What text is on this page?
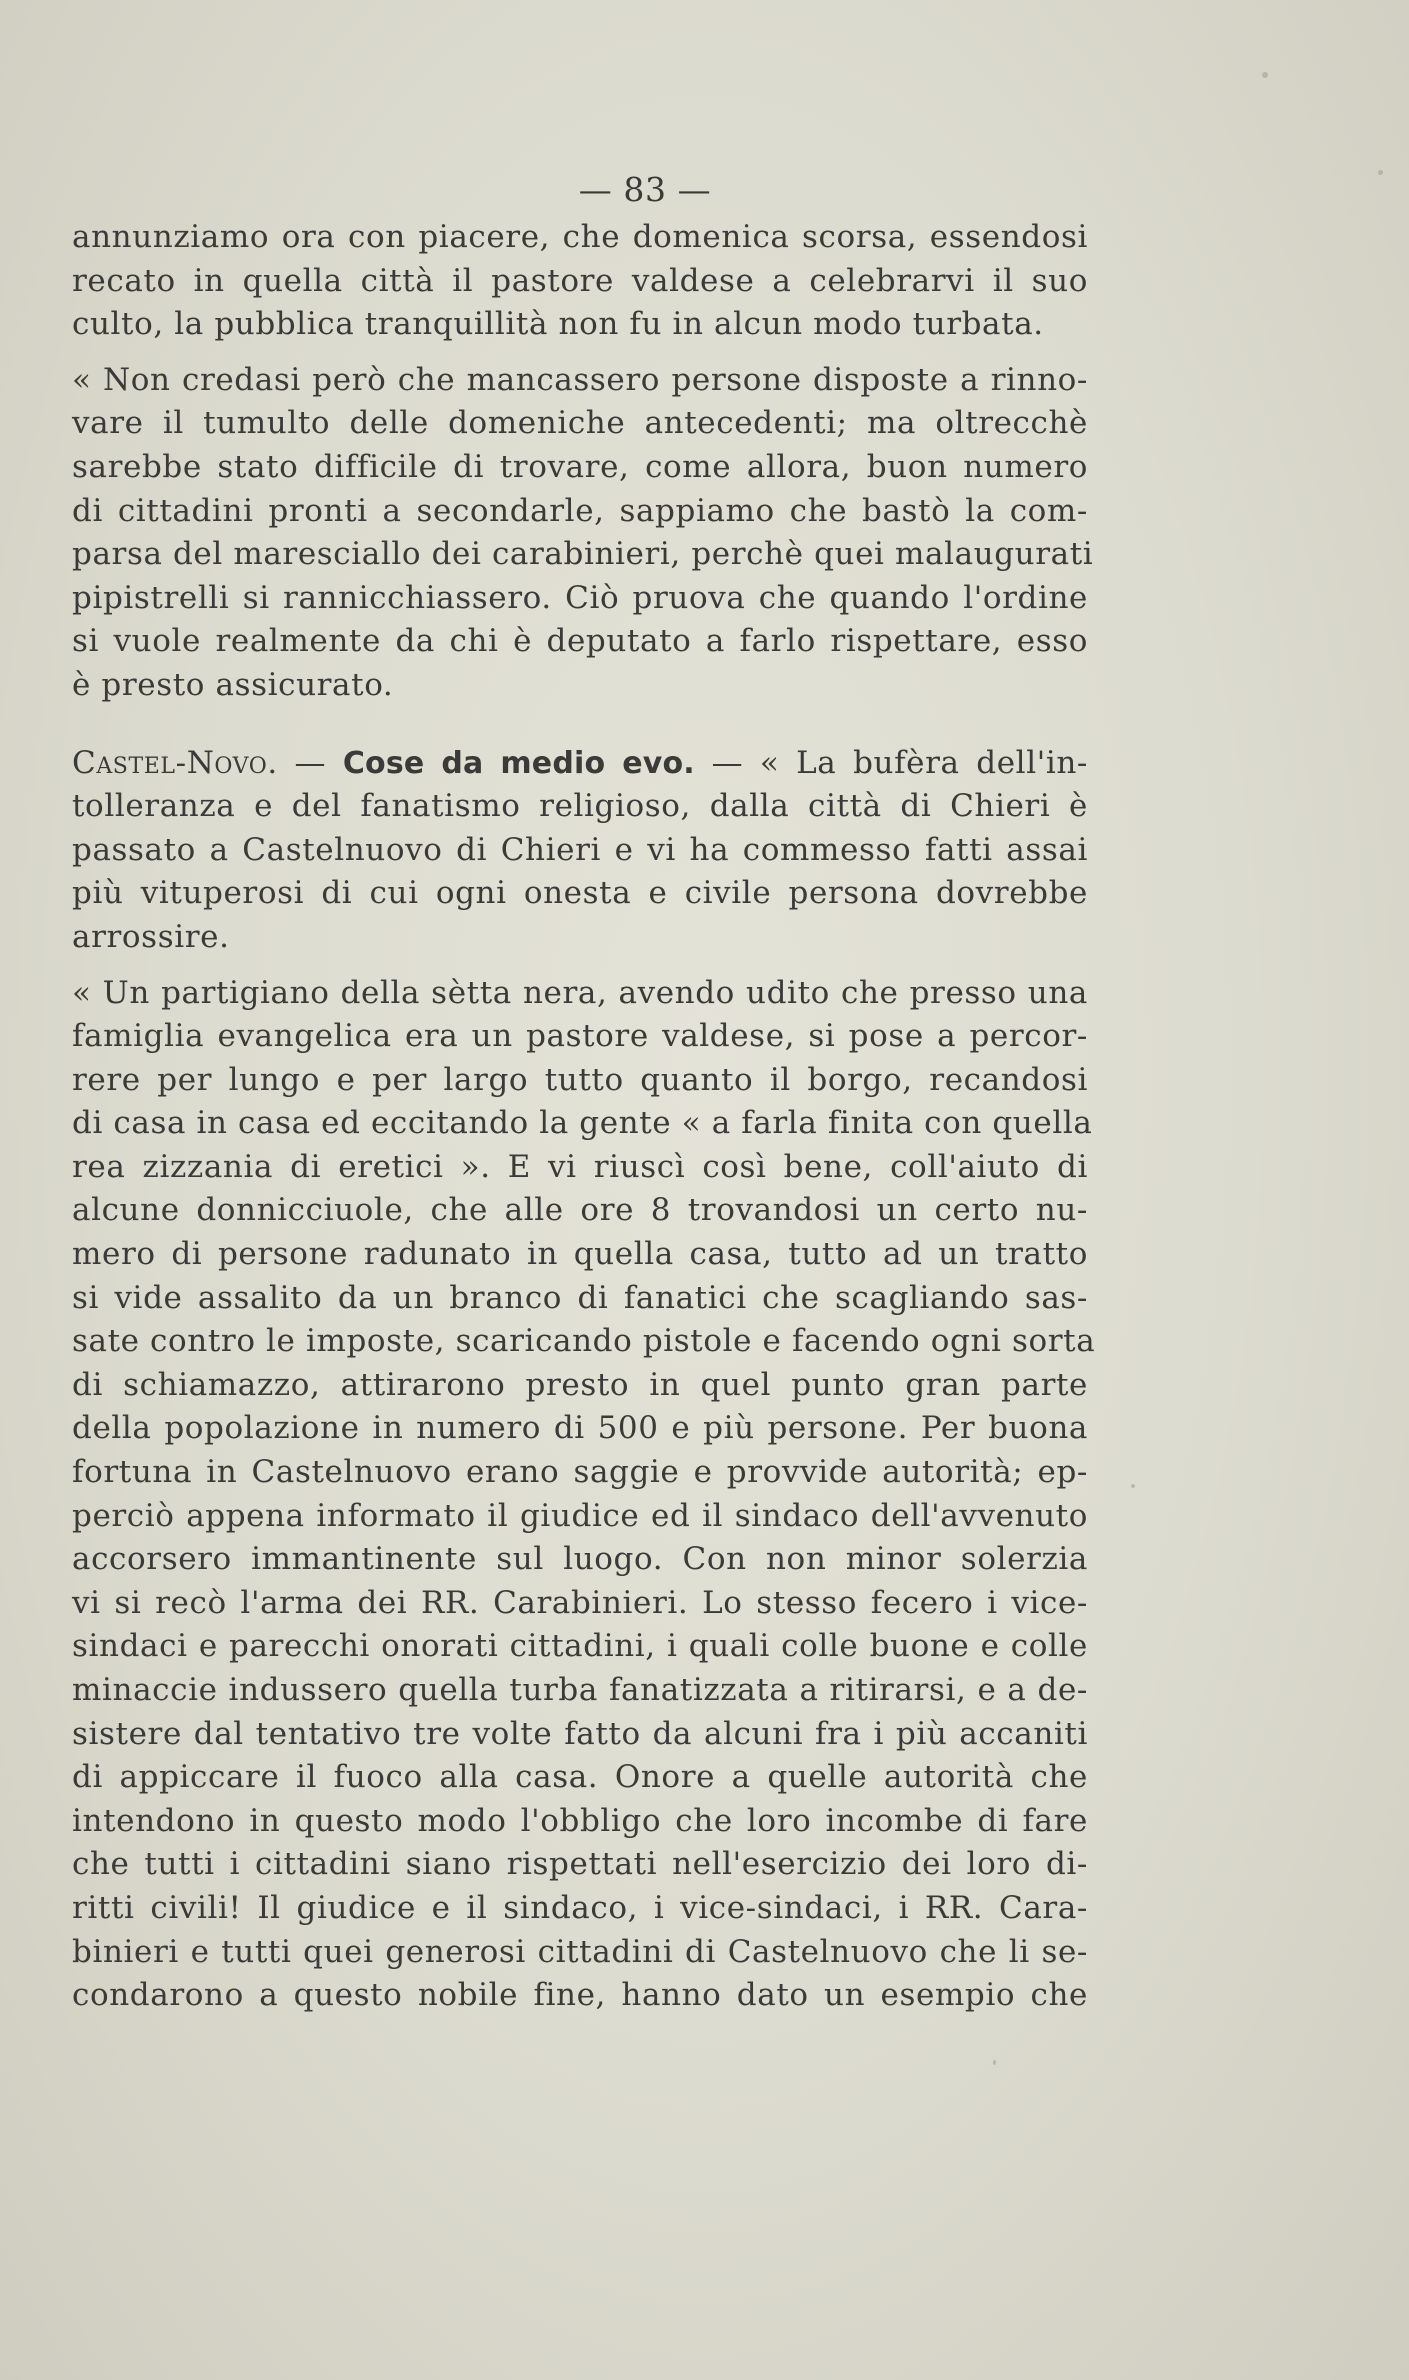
— 83 —

annunziamo ora con piacere, che domenica scorsa, essendosi

recato in quella città il pastore valdese a celebrarvi il suo

culto, la pubblica tranquillità non fu in alcun modo turbata.

« Non credasi però che mancassero persone disposte a rinno-

vare il tumulto delle domeniche antecedenti; ma oltrecchè

sarebbe stato difficile di trovare, come allora, buon numero

di cittadini pronti a secondarle, sappiamo che bastò la com-

parsa del maresciallo dei carabinieri, perchè quei malaugurati

pipistrelli si rannicchiassero. Ciò pruova che quando l'ordine

si vuole realmente da chi è deputato a farlo rispettare, esso

è presto assicurato.

Castel-Novo. — Cose da medio evo. — « La bufèra dell'in-

tolleranza e del fanatismo religioso, dalla città di Chieri è

passato a Castelnuovo di Chieri e vi ha commesso fatti assai

più vituperosi di cui ogni onesta e civile persona dovrebbe

arrossire.

« Un partigiano della sètta nera, avendo udito che presso una

famiglia evangelica era un pastore valdese, si pose a percor-

rere per lungo e per largo tutto quanto il borgo, recandosi

di casa in casa ed eccitando la gente « a farla finita con quella

rea zizzania di eretici ». E vi riuscì così bene, coll'aiuto di

alcune donnicciuole, che alle ore 8 trovandosi un certo nu-

mero di persone radunato in quella casa, tutto ad un tratto

si vide assalito da un branco di fanatici che scagliando sas-

sate contro le imposte, scaricando pistole e facendo ogni sorta

di schiamazzo, attirarono presto in quel punto gran parte

della popolazione in numero di 500 e più persone. Per buona

fortuna in Castelnuovo erano saggie e provvide autorità; ep-

perciò appena informato il giudice ed il sindaco dell'avvenuto

accorsero immantinente sul luogo. Con non minor solerzia

vi si recò l'arma dei RR. Carabinieri. Lo stesso fecero i vice-

sindaci e parecchi onorati cittadini, i quali colle buone e colle

minaccie indussero quella turba fanatizzata a ritirarsi, e a de-

sistere dal tentativo tre volte fatto da alcuni fra i più accaniti

di appiccare il fuoco alla casa. Onore a quelle autorità che

intendono in questo modo l'obbligo che loro incombe di fare

che tutti i cittadini siano rispettati nell'esercizio dei loro di-

ritti civili! Il giudice e il sindaco, i vice-sindaci, i RR. Cara-

binieri e tutti quei generosi cittadini di Castelnuovo che li se-

condarono a questo nobile fine, hanno dato un esempio che
